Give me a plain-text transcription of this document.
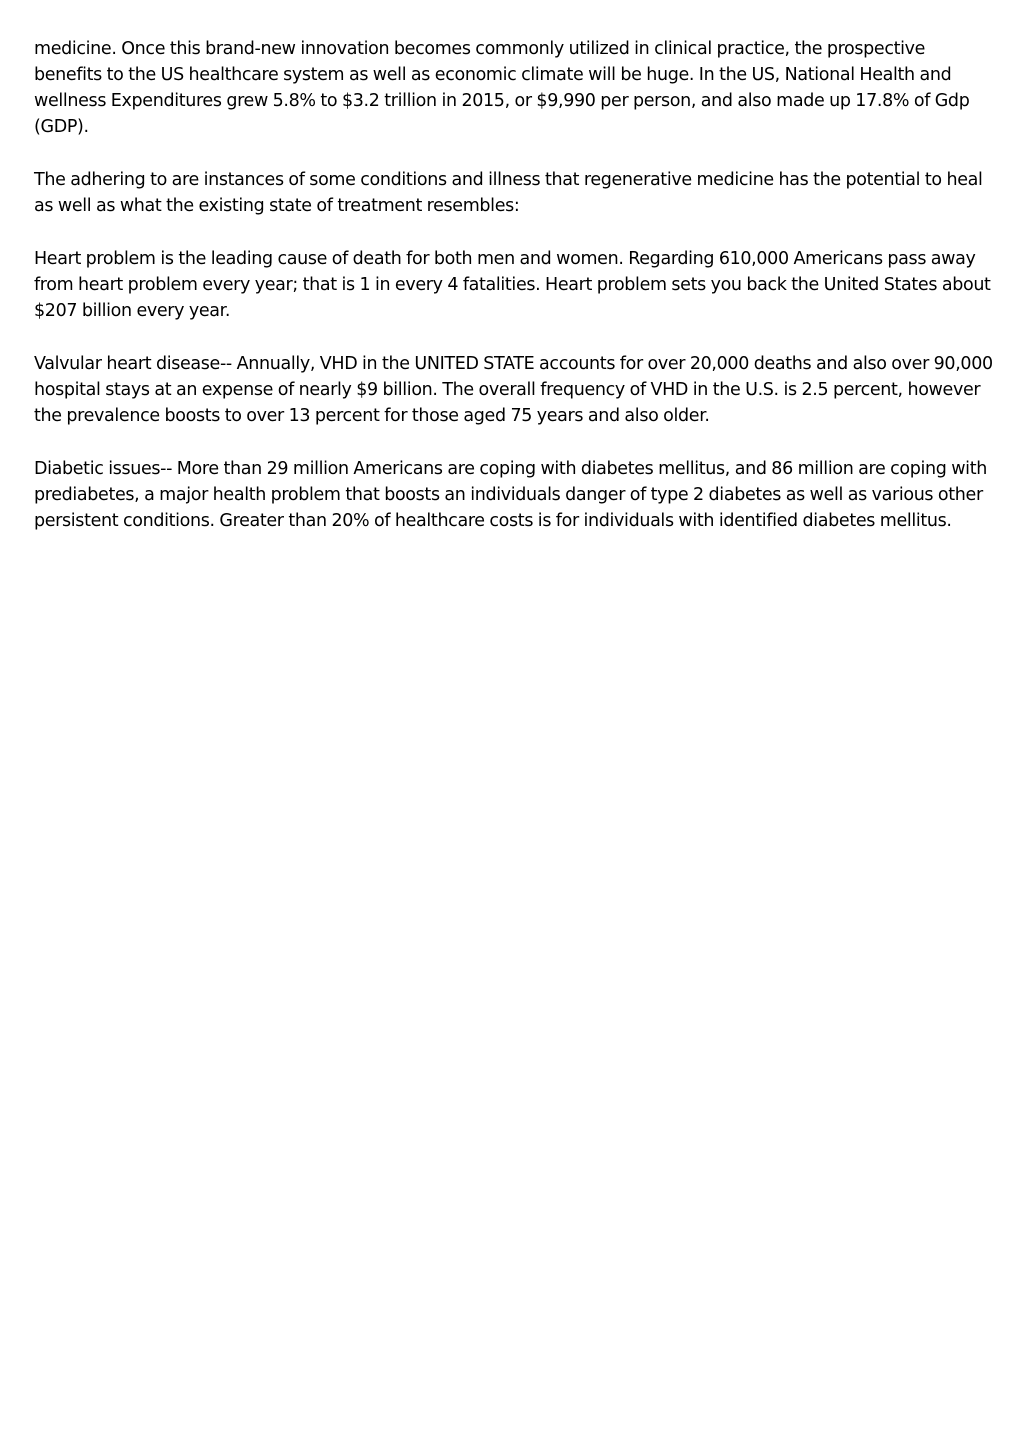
medicine. Once this brand-new innovation becomes commonly utilized in clinical practice, the prospective benefits to the US healthcare system as well as economic climate will be huge. In the US, National Health and wellness Expenditures grew 5.8% to $3.2 trillion in 2015, or $9,990 per person, and also made up 17.8% of Gdp (GDP).

The adhering to are instances of some conditions and illness that regenerative medicine has the potential to heal as well as what the existing state of treatment resembles:

Heart problem is the leading cause of death for both men and women. Regarding 610,000 Americans pass away from heart problem every year; that is 1 in every 4 fatalities. Heart problem sets you back the United States about $207 billion every year.

Valvular heart disease-- Annually, VHD in the UNITED STATE accounts for over 20,000 deaths and also over 90,000 hospital stays at an expense of nearly $9 billion. The overall frequency of VHD in the U.S. is 2.5 percent, however the prevalence boosts to over 13 percent for those aged 75 years and also older.

Diabetic issues-- More than 29 million Americans are coping with diabetes mellitus, and 86 million are coping with prediabetes, a major health problem that boosts an individuals danger of type 2 diabetes as well as various other persistent conditions. Greater than 20% of healthcare costs is for individuals with identified diabetes mellitus.
